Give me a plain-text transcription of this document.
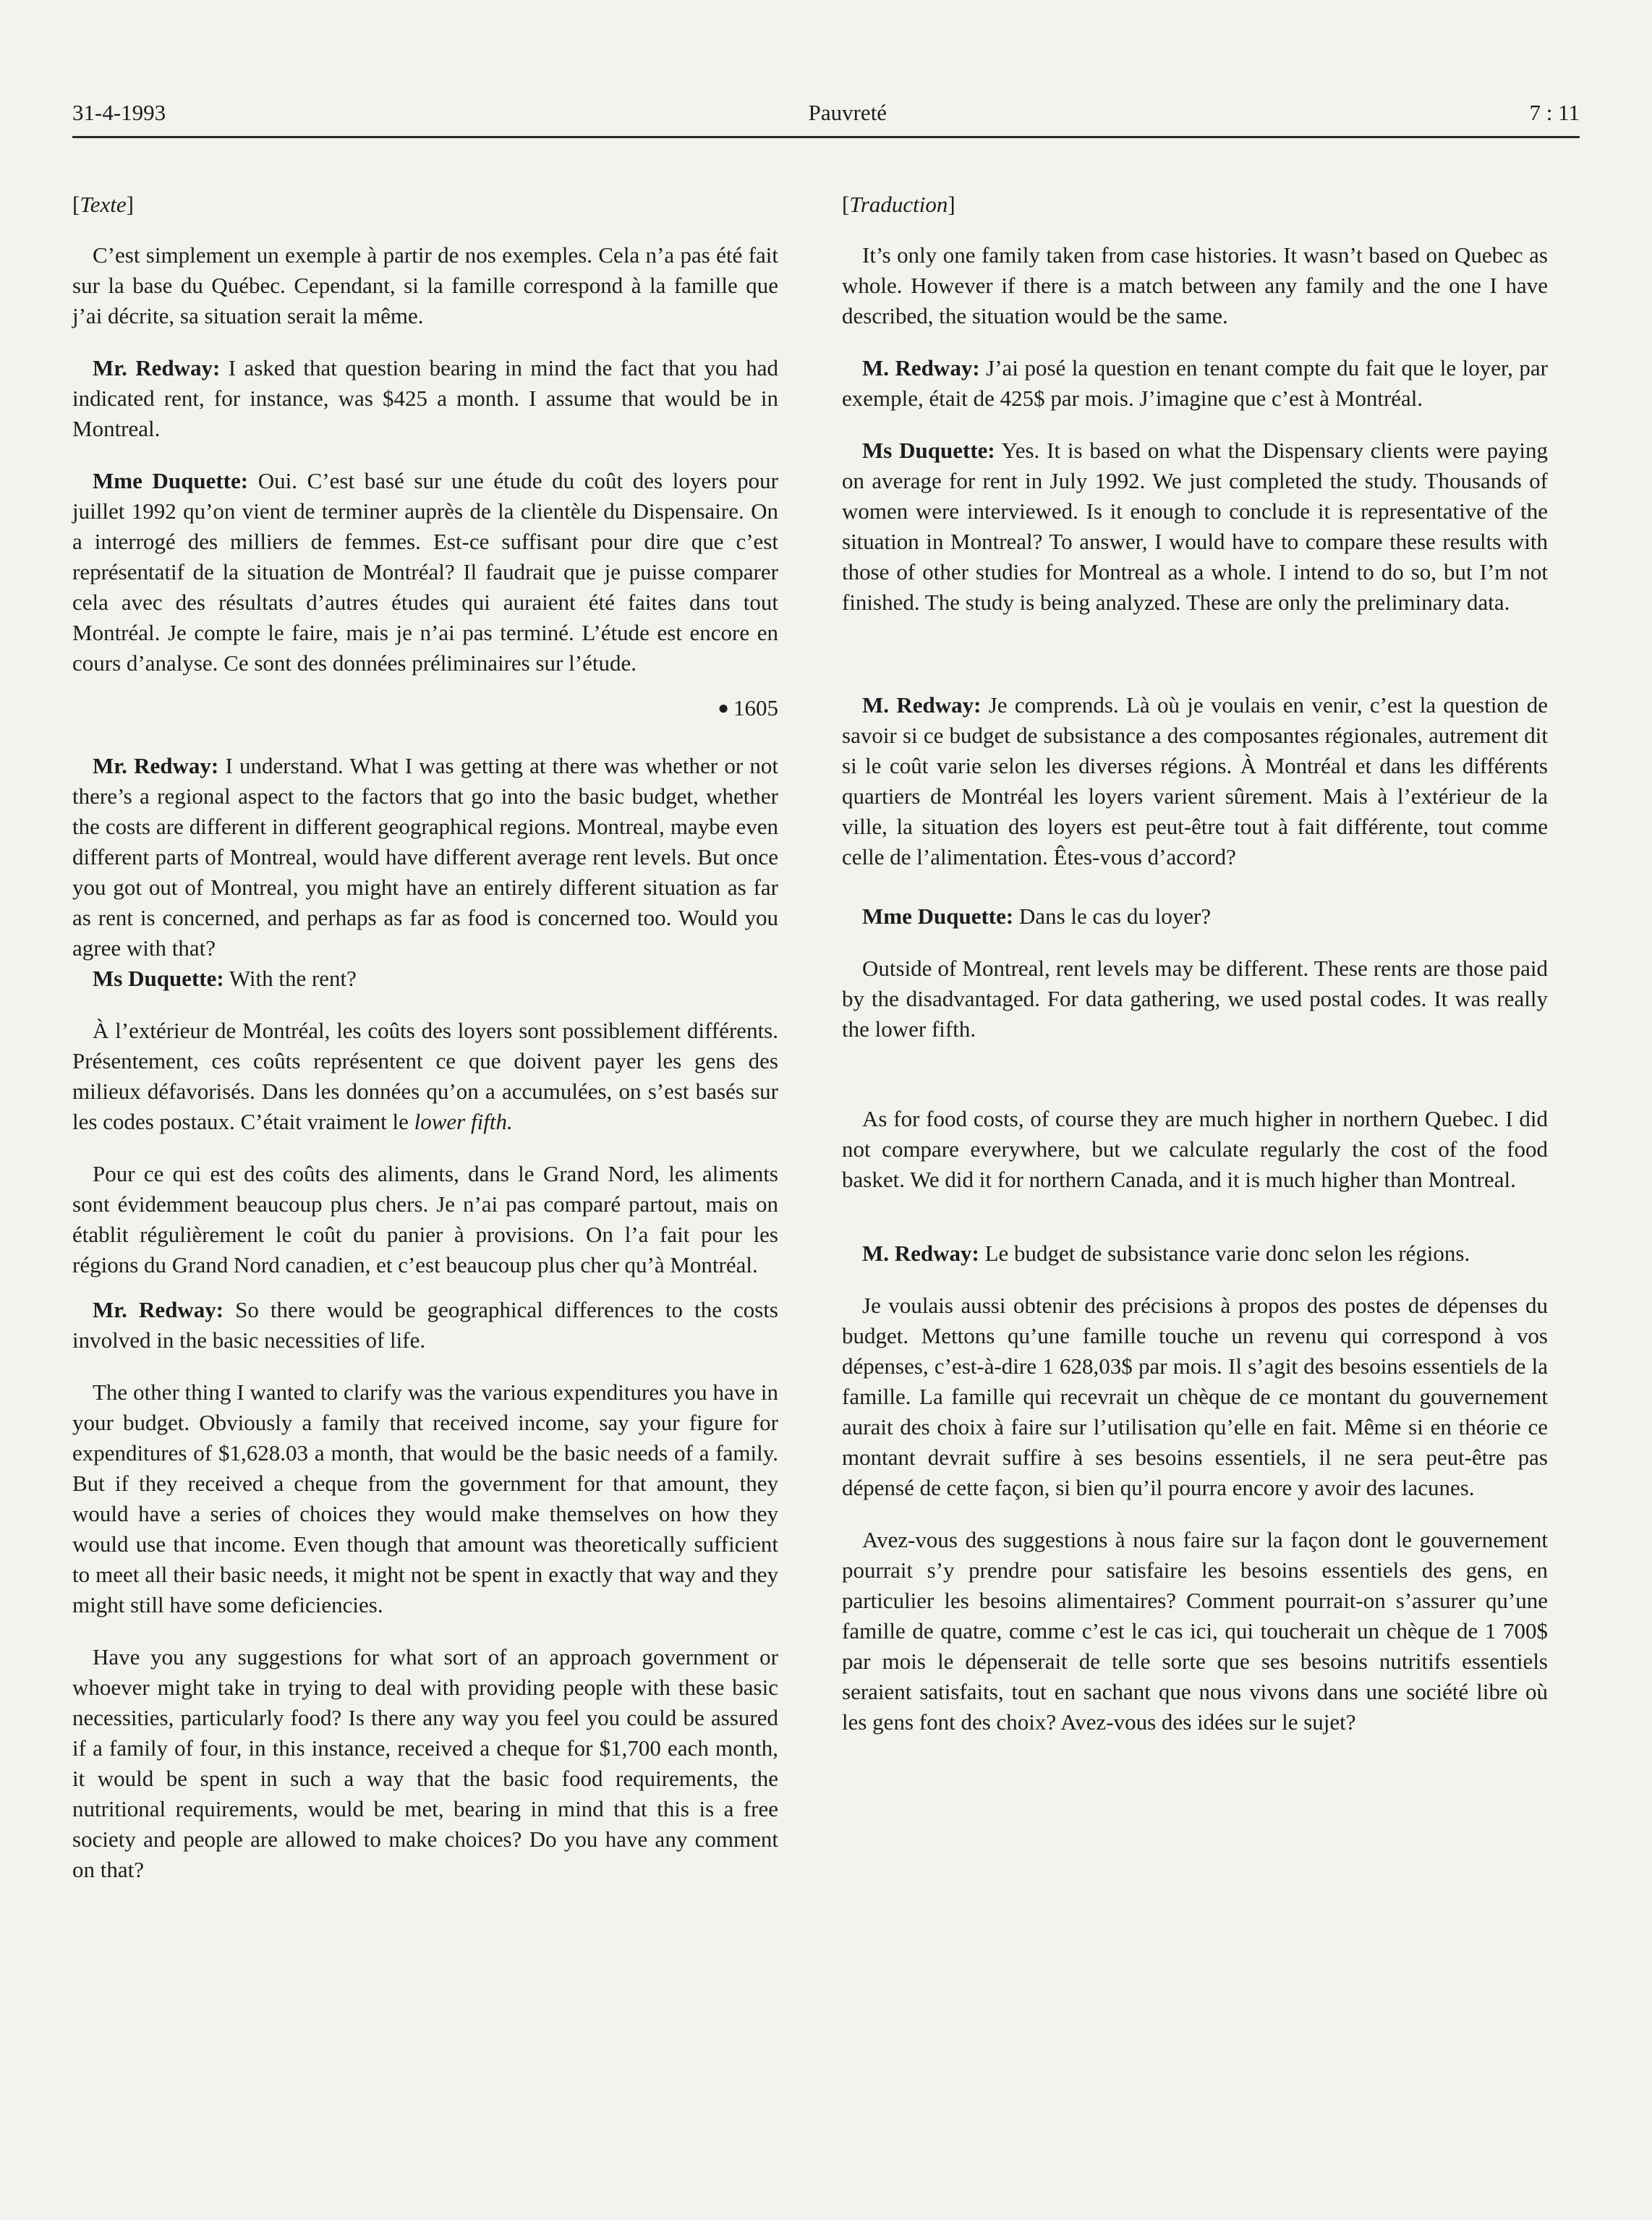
31-4-1993	Pauvreté	7 : 11
[Texte]

C’est simplement un exemple à partir de nos exemples. Cela n’a pas été fait sur la base du Québec. Cependant, si la famille correspond à la famille que j’ai décrite, sa situation serait la même.

Mr. Redway: I asked that question bearing in mind the fact that you had indicated rent, for instance, was $425 a month. I assume that would be in Montreal.

Mme Duquette: Oui. C’est basé sur une étude du coût des loyers pour juillet 1992 qu’on vient de terminer auprès de la clientèle du Dispensaire. On a interrogé des milliers de femmes. Est-ce suffisant pour dire que c’est représentatif de la situation de Montréal? Il faudrait que je puisse comparer cela avec des résultats d’autres études qui auraient été faites dans tout Montréal. Je compte le faire, mais je n’ai pas terminé. L’étude est encore en cours d’analyse. Ce sont des données préliminaires sur l’étude.

● 1605

Mr. Redway: I understand. What I was getting at there was whether or not there’s a regional aspect to the factors that go into the basic budget, whether the costs are different in different geographical regions. Montreal, maybe even different parts of Montreal, would have different average rent levels. But once you got out of Montreal, you might have an entirely different situation as far as rent is concerned, and perhaps as far as food is concerned too. Would you agree with that?

Ms Duquette: With the rent?

À l’extérieur de Montréal, les coûts des loyers sont possiblement différents. Présentement, ces coûts représentent ce que doivent payer les gens des milieux défavorisés. Dans les données qu’on a accumulées, on s’est basés sur les codes postaux. C’était vraiment le lower fifth.

Pour ce qui est des coûts des aliments, dans le Grand Nord, les aliments sont évidemment beaucoup plus chers. Je n’ai pas comparé partout, mais on établit régulièrement le coût du panier à provisions. On l’a fait pour les régions du Grand Nord canadien, et c’est beaucoup plus cher qu’à Montréal.

Mr. Redway: So there would be geographical differences to the costs involved in the basic necessities of life.

The other thing I wanted to clarify was the various expenditures you have in your budget. Obviously a family that received income, say your figure for expenditures of $1,628.03 a month, that would be the basic needs of a family. But if they received a cheque from the government for that amount, they would have a series of choices they would make themselves on how they would use that income. Even though that amount was theoretically sufficient to meet all their basic needs, it might not be spent in exactly that way and they might still have some deficiencies.

Have you any suggestions for what sort of an approach government or whoever might take in trying to deal with providing people with these basic necessities, particularly food? Is there any way you feel you could be assured if a family of four, in this instance, received a cheque for $1,700 each month, it would be spent in such a way that the basic food requirements, the nutritional requirements, would be met, bearing in mind that this is a free society and people are allowed to make choices? Do you have any comment on that?

[Traduction]

It’s only one family taken from case histories. It wasn’t based on Quebec as whole. However if there is a match between any family and the one I have described, the situation would be the same.

M. Redway: J’ai posé la question en tenant compte du fait que le loyer, par exemple, était de 425$ par mois. J’imagine que c’est à Montréal.

Ms Duquette: Yes. It is based on what the Dispensary clients were paying on average for rent in July 1992. We just completed the study. Thousands of women were interviewed. Is it enough to conclude it is representative of the situation in Montreal? To answer, I would have to compare these results with those of other studies for Montreal as a whole. I intend to do so, but I’m not finished. The study is being analyzed. These are only the preliminary data.

M. Redway: Je comprends. Là où je voulais en venir, c’est la question de savoir si ce budget de subsistance a des composantes régionales, autrement dit si le coût varie selon les diverses régions. À Montréal et dans les différents quartiers de Montréal les loyers varient sûrement. Mais à l’extérieur de la ville, la situation des loyers est peut-être tout à fait différente, tout comme celle de l’alimentation. Êtes-vous d’accord?

Mme Duquette: Dans le cas du loyer?

Outside of Montreal, rent levels may be different. These rents are those paid by the disadvantaged. For data gathering, we used postal codes. It was really the lower fifth.

As for food costs, of course they are much higher in northern Quebec. I did not compare everywhere, but we calculate regularly the cost of the food basket. We did it for northern Canada, and it is much higher than Montreal.

M. Redway: Le budget de subsistance varie donc selon les régions.

Je voulais aussi obtenir des précisions à propos des postes de dépenses du budget. Mettons qu’une famille touche un revenu qui correspond à vos dépenses, c’est-à-dire 1 628,03$ par mois. Il s’agit des besoins essentiels de la famille. La famille qui recevrait un chèque de ce montant du gouvernement aurait des choix à faire sur l’utilisation qu’elle en fait. Même si en théorie ce montant devrait suffire à ses besoins essentiels, il ne sera peut-être pas dépensé de cette façon, si bien qu’il pourra encore y avoir des lacunes.

Avez-vous des suggestions à nous faire sur la façon dont le gouvernement pourrait s’y prendre pour satisfaire les besoins essentiels des gens, en particulier les besoins alimentaires? Comment pourrait-on s’assurer qu’une famille de quatre, comme c’est le cas ici, qui toucherait un chèque de 1 700$ par mois le dépenserait de telle sorte que ses besoins nutritifs essentiels seraient satisfaits, tout en sachant que nous vivons dans une société libre où les gens font des choix? Avez-vous des idées sur le sujet?
